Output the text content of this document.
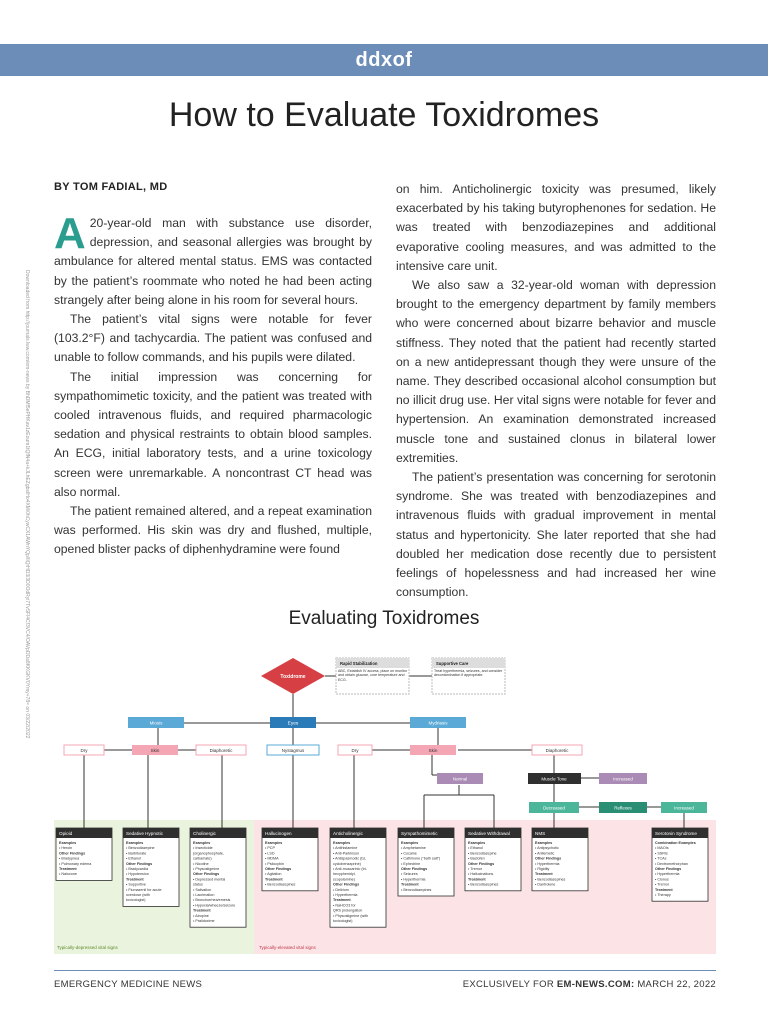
ddxof
How to Evaluate Toxidromes
BY TOM FADIAL, MD
Downloaded from http://journals.lww.com/em-news by BhDMf5ePHKav1zEoum1tQfN4a+kJLhEZgbsIHo4XMi0hCywCX1AWnYQp/IlQrHD3i3D0OdRyi7TvSFl4Cf3VC4/OAVpDDa8KKGKV0Ymy+78= on 03/22/2022

A 20-year-old man with substance use disorder, depression, and seasonal allergies was brought by ambulance for altered mental status. EMS was contacted by the patient’s roommate who noted he had been acting strangely after being alone in his room for several hours.

The patient’s vital signs were notable for fever (103.2°F) and tachycardia. The patient was confused and unable to follow commands, and his pupils were dilated.

The initial impression was concerning for sympathomimetic toxicity, and the patient was treated with cooled intravenous fluids, and required pharmacologic sedation and physical restraints to obtain blood samples. An ECG, initial laboratory tests, and a urine toxicology screen were unremarkable. A noncontrast CT head was also normal.

The patient remained altered, and a repeat examination was performed. His skin was dry and flushed, multiple, opened blister packs of diphenhydramine were found

on him. Anticholinergic toxicity was presumed, likely exacerbated by his taking butyrophenones for sedation. He was treated with benzodiazepines and additional evaporative cooling measures, and was admitted to the intensive care unit.

We also saw a 32-year-old woman with depression brought to the emergency department by family members who were concerned about bizarre behavior and muscle stiffness. They noted that the patient had recently started on a new antidepressant though they were unsure of the name. They described occasional alcohol consumption but no illicit drug use. Her vital signs were notable for fever and hypertension. An examination demonstrated increased muscle tone and sustained clonus in bilateral lower extremities.

The patient’s presentation was concerning for serotonin syndrome. She was treated with benzodiazepines and intravenous fluids with gradual improvement in mental status and hypertonicity. She later reported that she had doubled her medication dose recently due to persistent feelings of hopelessness and had increased her wine consumption.

Evaluating Toxidromes
Toxidrome
Rapid Stabilization
ABC, Establish IV access, place on monitor and obtain glucose, core temperature and ECG.
Supportive Care
Treat hyperthermia, seizures, and consider decontamination if appropriate.
Miosis	Eyes	Mydriasis
Dry	Skin	Diaphoretic	Nystagmus	Dry	Skin	Diaphoretic
Normal	Muscle Tone	Increased
Decreased	Reflexes	Increased
Opioid
Examples
• Heroin
Other Findings
• Bradypnea
• Pulmonary edema
Treatment
• Naloxone
Sedative Hypnotic
Examples
• Benzodiazepine
• Barbiturate
• Ethanol
Other Findings
• Bradycardia
• Hypotension
Treatment
• Supportive
• Flumazenil for acute
overdose (with
toxicologist)
Cholinergic
Examples
• Insecticide
(organophosphate,
carbamate)
• Nicotine
• Physostigmine
Other Findings
• Depressed mental
status
• Salivation
• Lacrimation
• Bronchorrhea/emesis
• Hypoxia/wheeze/seizure
Treatment
• Atropine
• Pralidoxime
Hallucinogen
Examples
• PCP
• LSD
• MDMA
• Psilocybin
Other Findings
• Agitation
Treatment
• Benzodiazepines
Anticholinergic
Examples
• Antihistamine
• Anti-Parkinson
• Antispasmodic (bz,
cyclobenzaprine)
• Anti-muscarinic (tri-
hexyphenidyl,
scopolamine)
Other Findings
• Delirium
• Hyperthermia
Treatment
• NaHCO3 for
QRS prolongation
• Physostigmine (with
toxicologist)
Sympathomimetic
Examples
• Amphetamine
• Cocaine
• Cathinone ("bath salt")
• Ephedrine
Other Findings
• Seizures
• Hyperthermia
Treatment
• Benzodiazepines
Sedative Withdrawal
Examples
• Ethanol
• Benzodiazepine
• Baclofen
Other Findings
• Tremor
• Hallucinations
Treatment
• Benzodiazepines
NMS
Examples
• Antipsychotic
• Antiemetic
Other Findings
• Hyperthermia
• Rigidity
Treatment
• Benzodiazepines
• Dantrolene
Serotonin Syndrome
Combination Examples
• MAOIs
• SSRIs
• TCAs
• Dextromethorphan
Other Findings
• Hyperthermia
• Clonus
• Tremor
Treatment
• Therapy
Typically-depressed vital signs	Typically-elevated vital signs
EMERGENCY MEDICINE NEWS	EXCLUSIVELY FOR EM-NEWS.COM: MARCH 22, 2022
